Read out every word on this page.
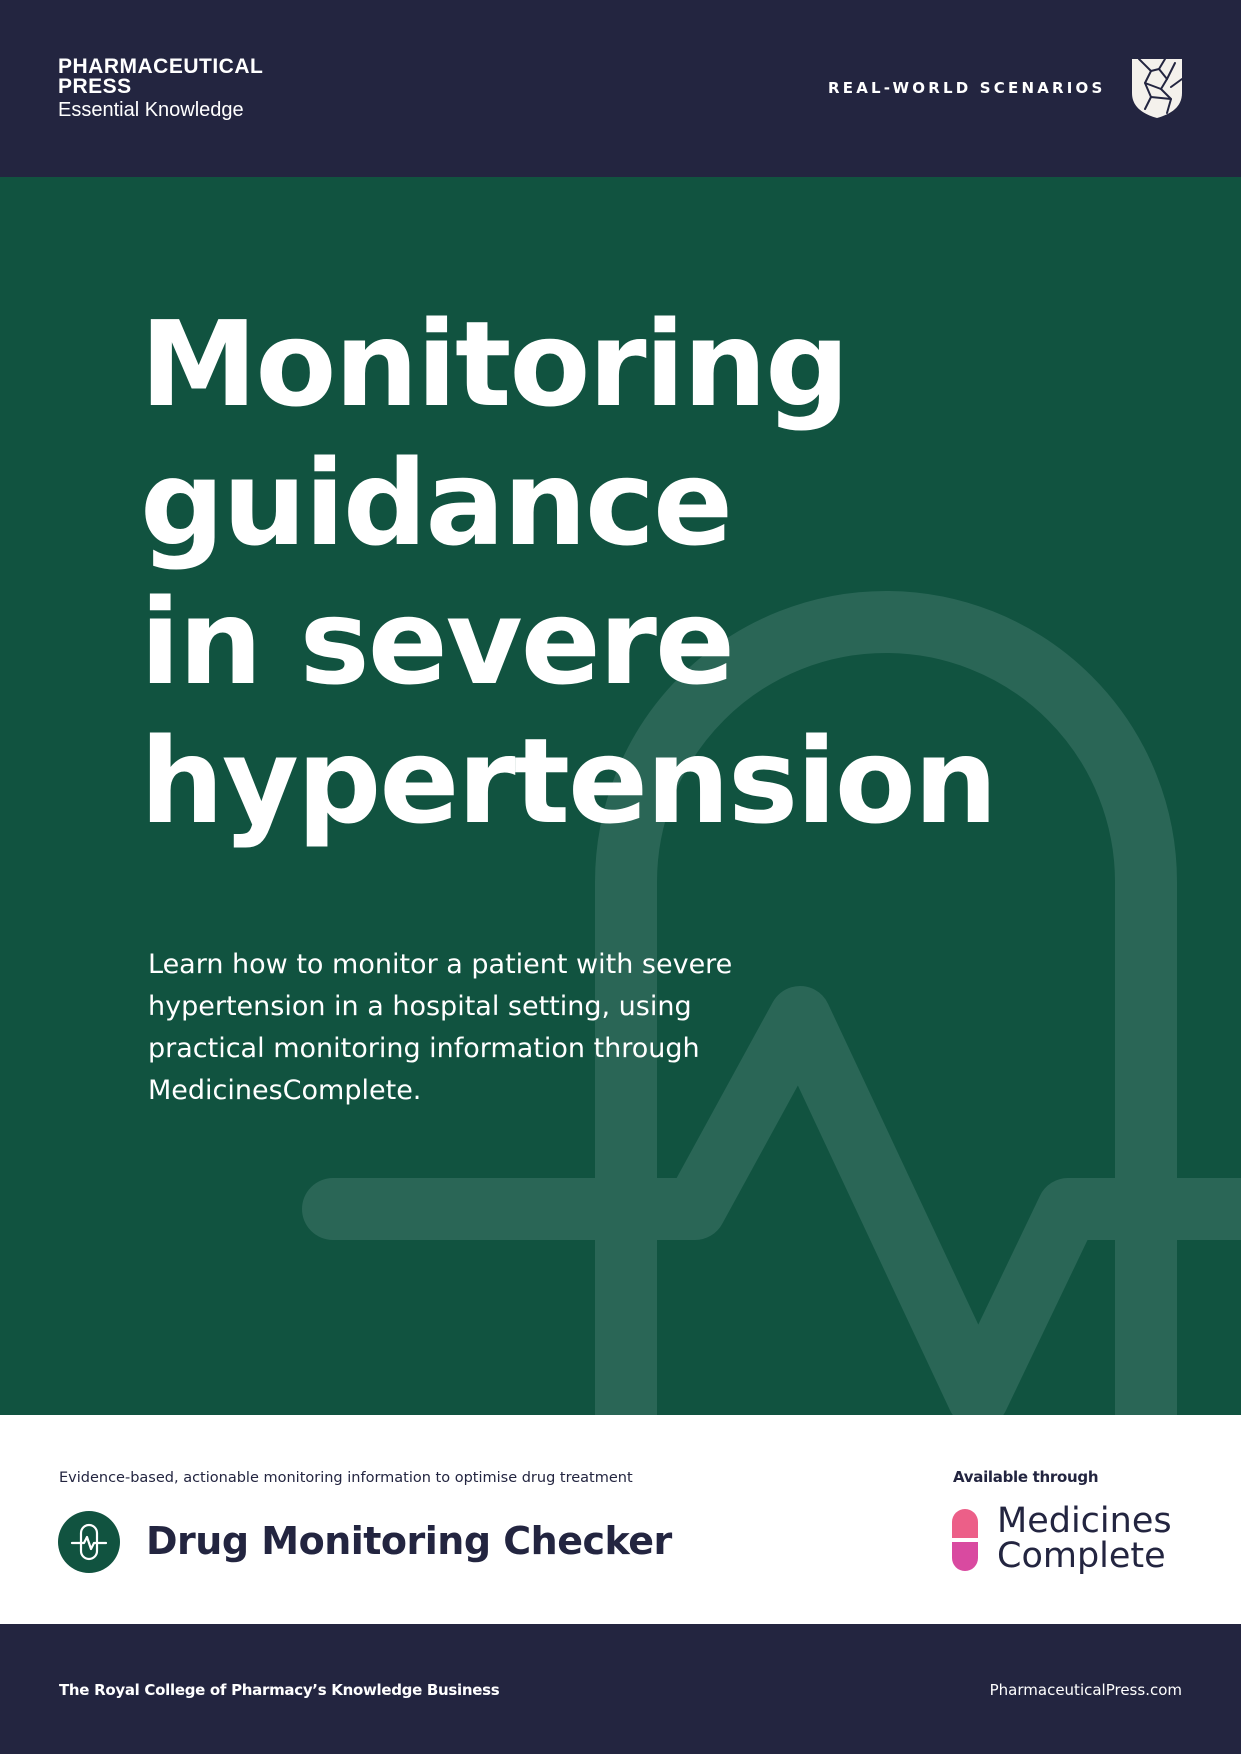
PHARMACEUTICAL
PRESS
Essential Knowledge
REAL-WORLD SCENARIOS
Monitoring
guidance
in severe
hypertension

Learn how to monitor a patient with severe hypertension in a hospital setting, using practical monitoring information through MedicinesComplete.

Evidence-based, actionable monitoring information to optimise drug treatment
Drug Monitoring Checker
Available through
Medicines
Complete
The Royal College of Pharmacy’s Knowledge Business	PharmaceuticalPress.com
